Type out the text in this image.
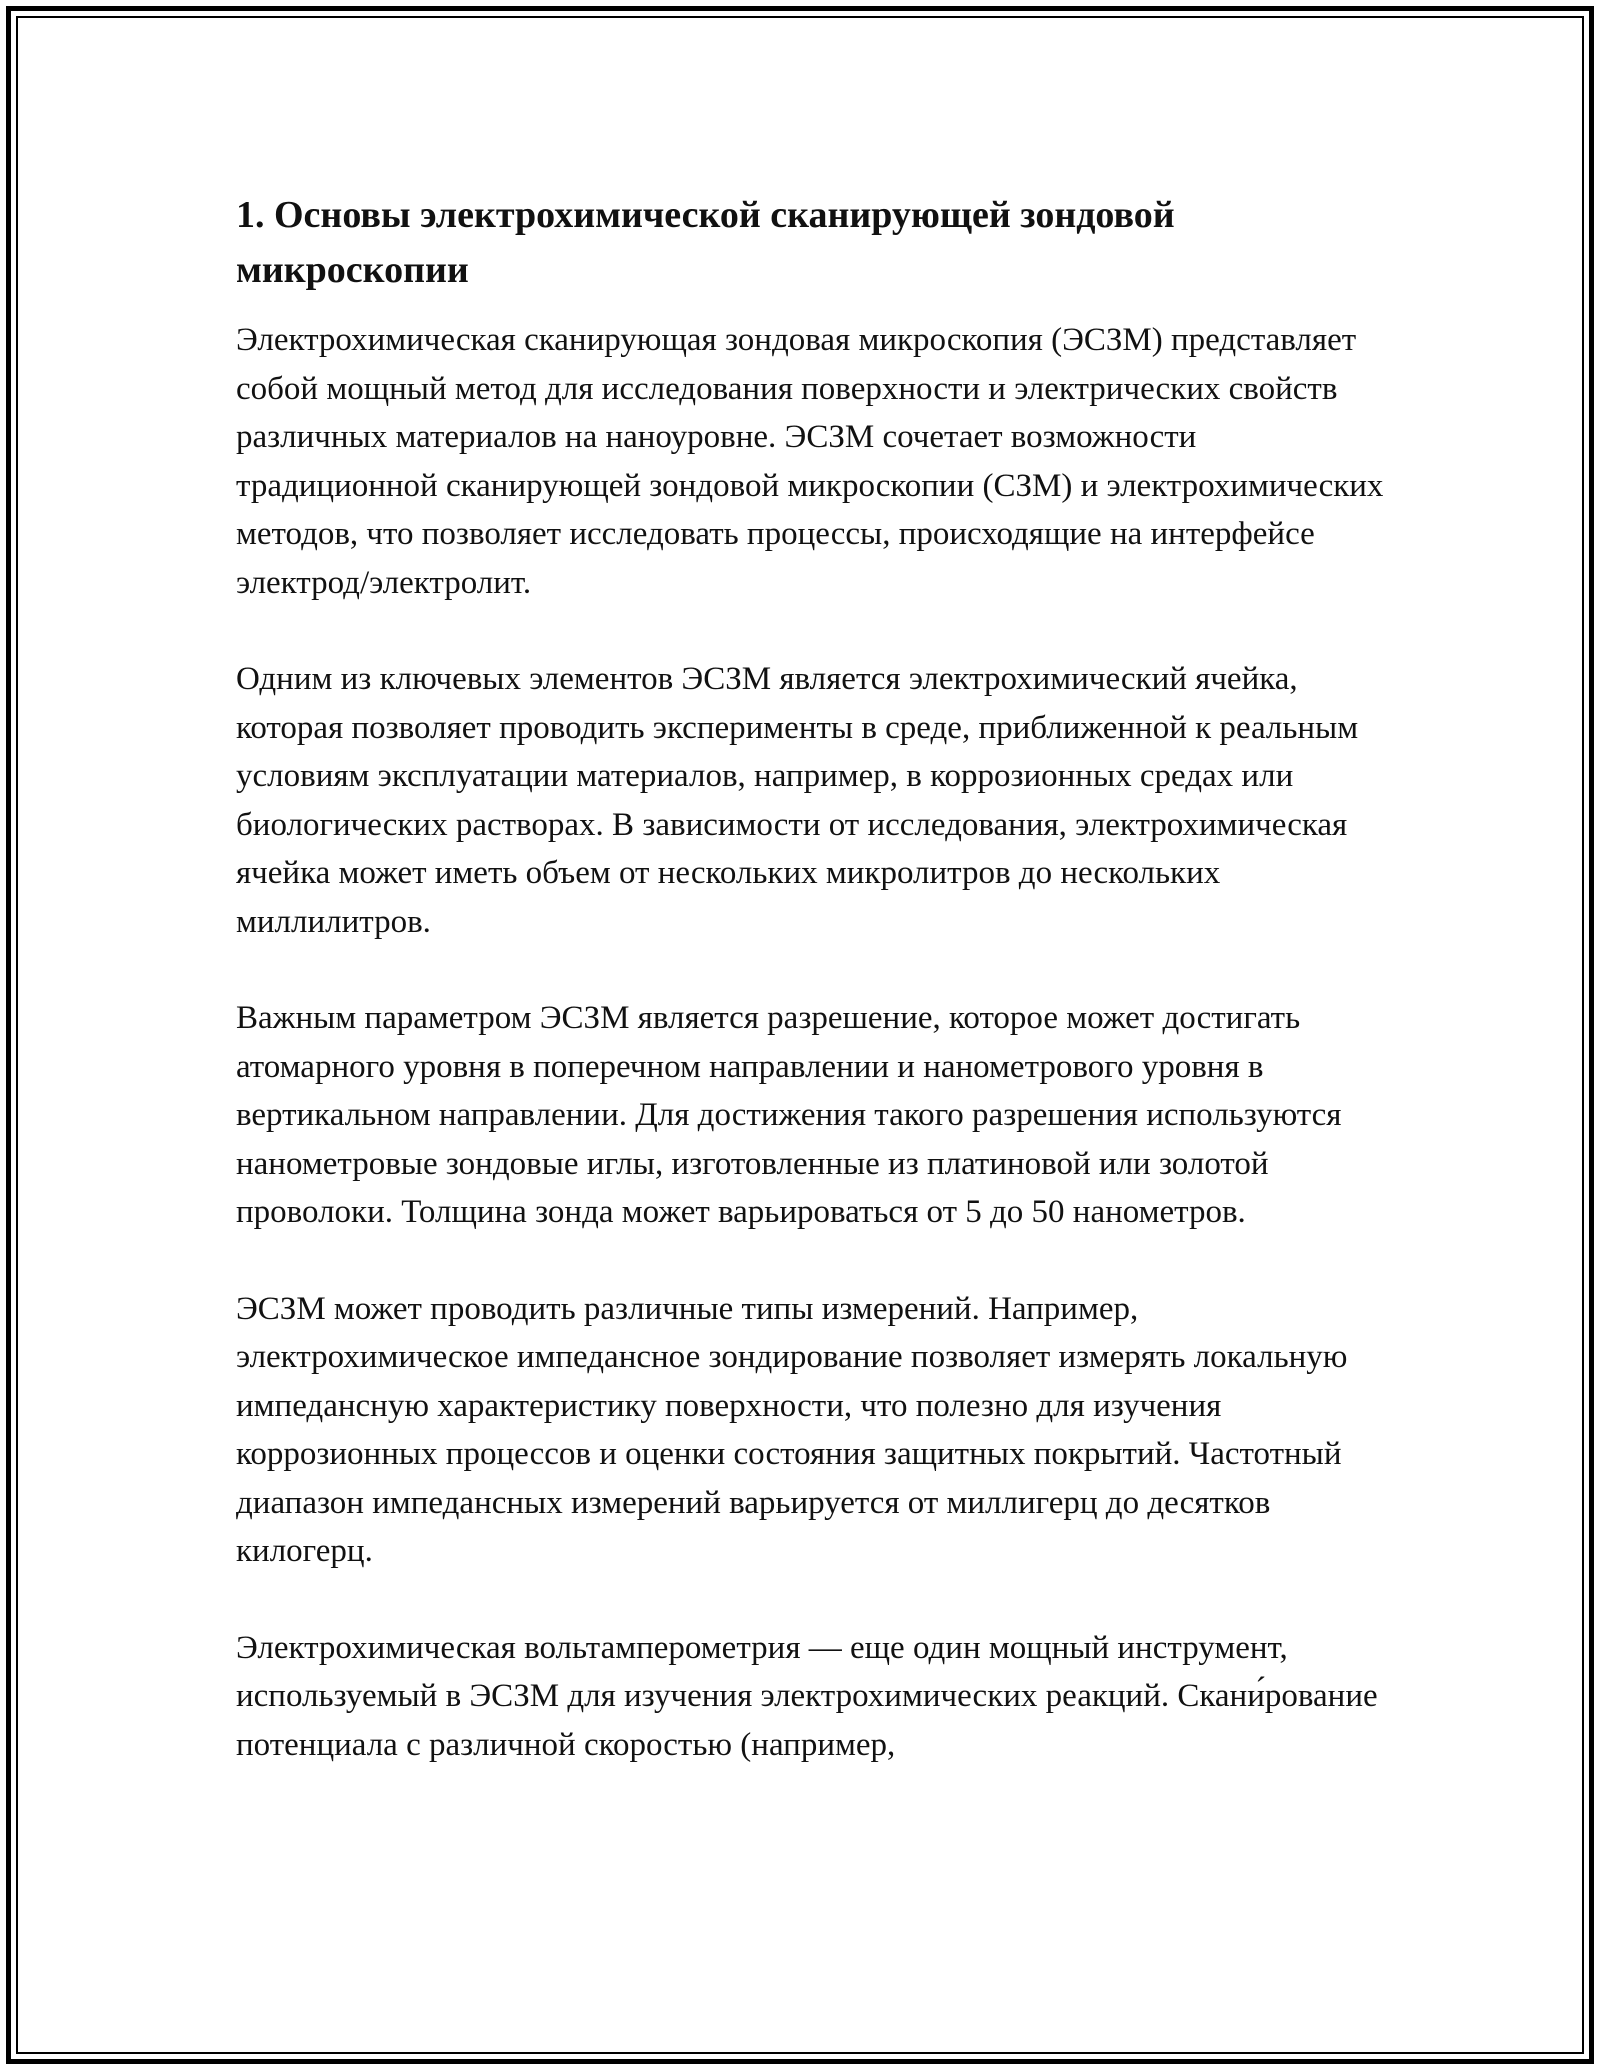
1. Основы электрохимической сканирующей зондовой микроскопии

Электрохимическая сканирующая зондовая микроскопия (ЭСЗМ) представляет собой мощный метод для исследования поверхности и электрических свойств различных материалов на наноуровне. ЭСЗМ сочетает возможности традиционной сканирующей зондовой микроскопии (СЗМ) и электрохимических методов, что позволяет исследовать процессы, происходящие на интерфейсе электрод/электролит.

Одним из ключевых элементов ЭСЗМ является электрохимический ячейка, которая позволяет проводить эксперименты в среде, приближенной к реальным условиям эксплуатации материалов, например, в коррозионных средах или биологических растворах. В зависимости от исследования, электрохимическая ячейка может иметь объем от нескольких микролитров до нескольких миллилитров.

Важным параметром ЭСЗМ является разрешение, которое может достигать атомарного уровня в поперечном направлении и нанометрового уровня в вертикальном направлении. Для достижения такого разрешения используются нанометровые зондовые иглы, изготовленные из платиновой или золотой проволоки. Толщина зонда может варьироваться от 5 до 50 нанометров.

ЭСЗМ может проводить различные типы измерений. Например, электрохимическое импедансное зондирование позволяет измерять локальную импедансную характеристику поверхности, что полезно для изучения коррозионных процессов и оценки состояния защитных покрытий. Частотный диапазон импедансных измерений варьируется от миллигерц до десятков килогерц.

Электрохимическая вольтамперометрия — еще один мощный инструмент, используемый в ЭСЗМ для изучения электрохимических реакций. Скани́рование потенциала с различной скоростью (например,
